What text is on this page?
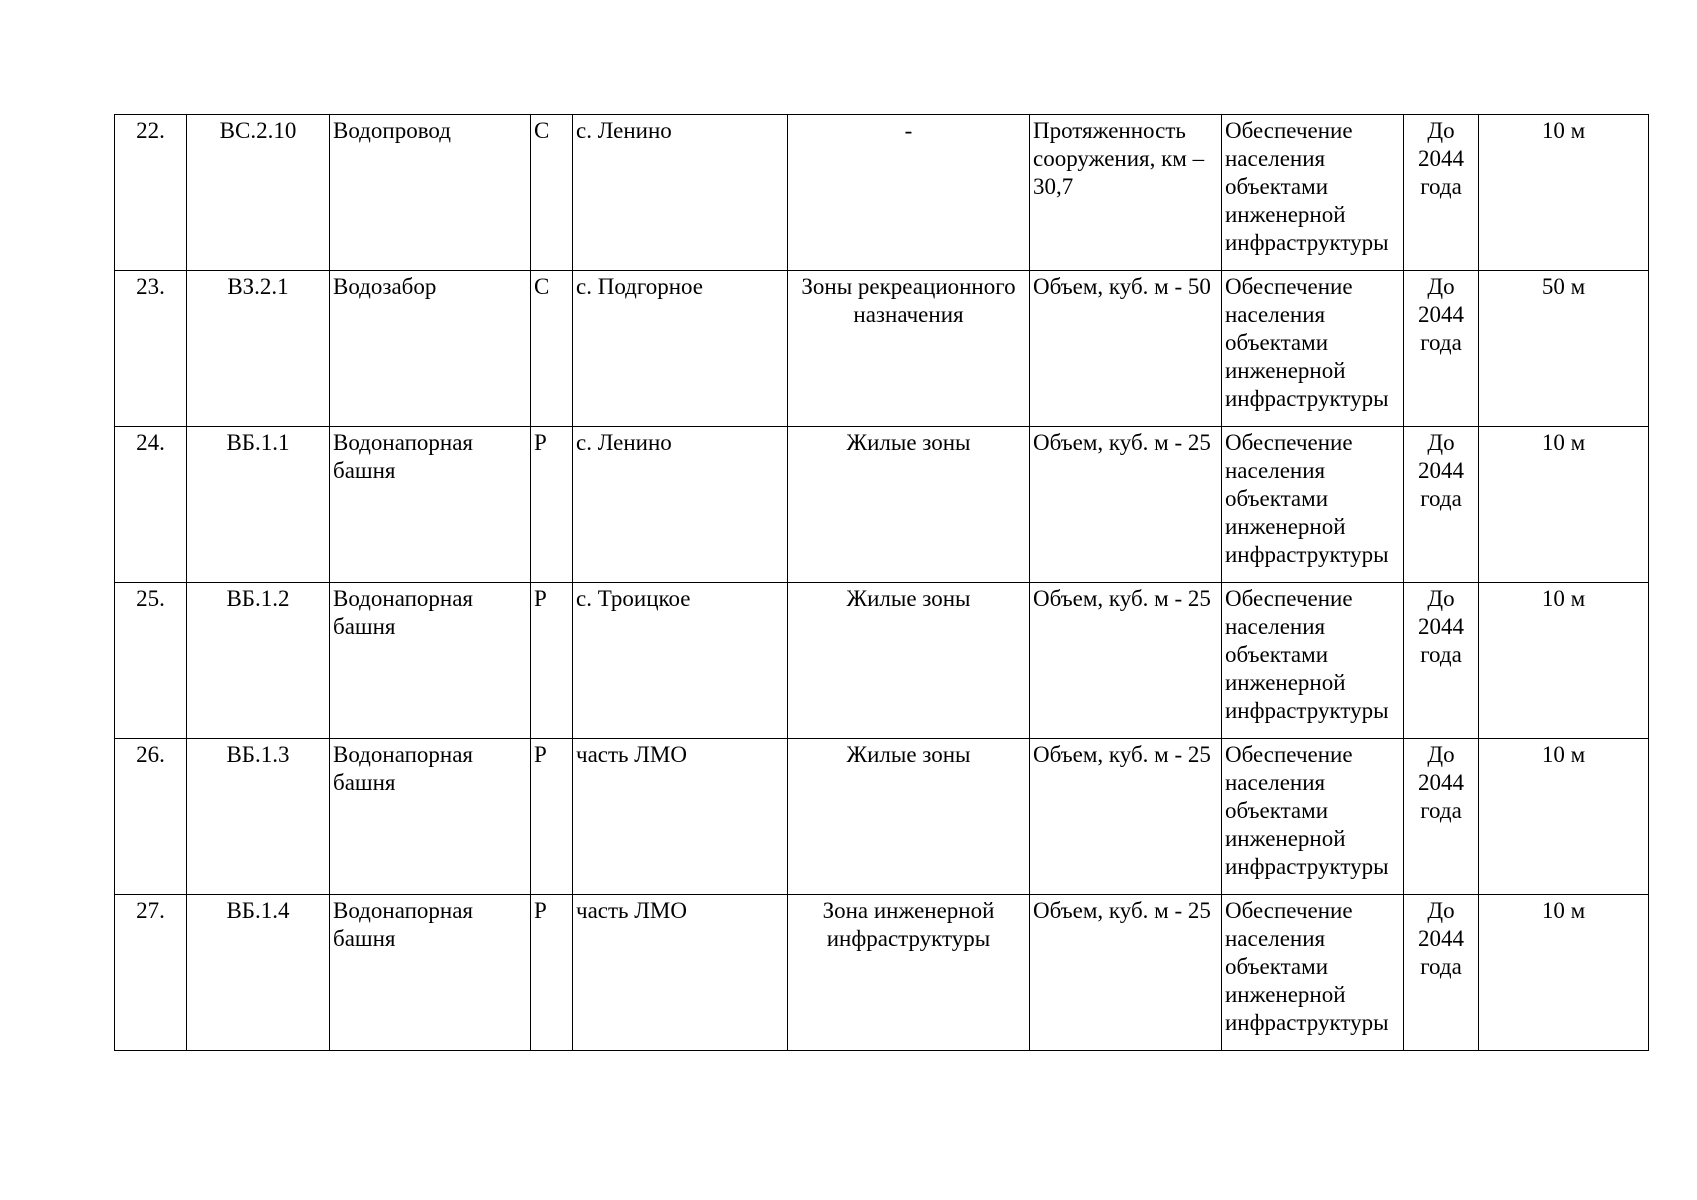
22.	ВС.2.10	Водопровод	С	с. Ленино	-	Протяженность сооружения, км – 30,7	Обеспечение населения объектами инженерной инфраструктуры	До 2044 года	10 м
23.	ВЗ.2.1	Водозабор	С	с. Подгорное	Зоны рекреационного назначения	Объем, куб. м - 50	Обеспечение населения объектами инженерной инфраструктуры	До 2044 года	50 м
24.	ВБ.1.1	Водонапорная башня	Р	с. Ленино	Жилые зоны	Объем, куб. м - 25	Обеспечение населения объектами инженерной инфраструктуры	До 2044 года	10 м
25.	ВБ.1.2	Водонапорная башня	Р	с. Троицкое	Жилые зоны	Объем, куб. м - 25	Обеспечение населения объектами инженерной инфраструктуры	До 2044 года	10 м
26.	ВБ.1.3	Водонапорная башня	Р	часть ЛМО	Жилые зоны	Объем, куб. м - 25	Обеспечение населения объектами инженерной инфраструктуры	До 2044 года	10 м
27.	ВБ.1.4	Водонапорная башня	Р	часть ЛМО	Зона инженерной инфраструктуры	Объем, куб. м - 25	Обеспечение населения объектами инженерной инфраструктуры	До 2044 года	10 м
